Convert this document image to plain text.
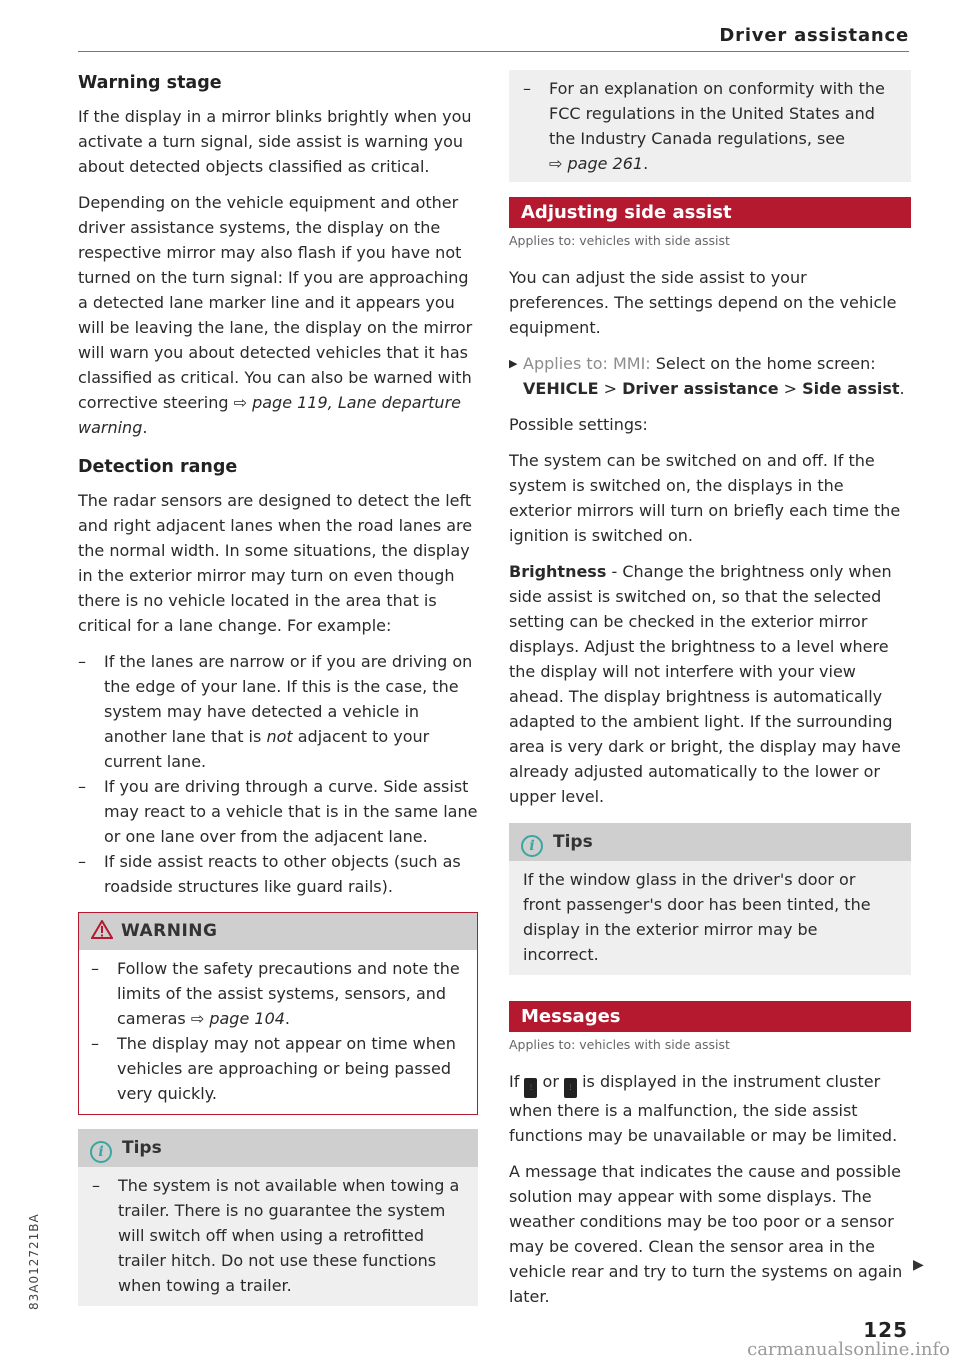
Driver assistance
Warning stage

If the display in a mirror blinks brightly when you activate a turn signal, side assist is warning you about detected objects classified as critical.

Depending on the vehicle equipment and other driver assistance systems, the display on the respective mirror may also flash if you have not turned on the turn signal: If you are approaching a detected lane marker line and it appears you will be leaving the lane, the display on the mirror will warn you about detected vehicles that it has classified as critical. You can also be warned with corrective steering ⇨ page 119, Lane departure warning.

Detection range

The radar sensors are designed to detect the left and right adjacent lanes when the road lanes are the normal width. In some situations, the display in the exterior mirror may turn on even though there is no vehicle located in the area that is critical for a lane change. For example:

– If the lanes are narrow or if you are driving on the edge of your lane. If this is the case, the system may have detected a vehicle in another lane that is not adjacent to your current lane.
– If you are driving through a curve. Side assist may react to a vehicle that is in the same lane or one lane over from the adjacent lane.
– If side assist reacts to other objects (such as roadside structures like guard rails).
WARNING
– Follow the safety precautions and note the limits of the assist systems, sensors, and cameras ⇨ page 104.
– The display may not appear on time when vehicles are approaching or being passed very quickly.
i Tips
– The system is not available when towing a trailer. There is no guarantee the system will switch off when using a retrofitted trailer hitch. Do not use these functions when towing a trailer.
– For an explanation on conformity with the FCC regulations in the United States and the Industry Canada regulations, see
⇨ page 261.
Adjusting side assist
Applies to: vehicles with side assist

You can adjust the side assist to your preferences. The settings depend on the vehicle equipment.

▶ Applies to: MMI: Select on the home screen:
VEHICLE > Driver assistance > Side assist.

Possible settings:

The system can be switched on and off. If the system is switched on, the displays in the exterior mirrors will turn on briefly each time the ignition is switched on.

Brightness - Change the brightness only when side assist is switched on, so that the selected setting can be checked in the exterior mirror displays. Adjust the brightness to a level where the display will not interfere with your view ahead. The display brightness is automatically adapted to the ambient light. If the surrounding area is very dark or bright, the display may have already adjusted automatically to the lower or upper level.

i Tips

If the window glass in the driver's door or front passenger's door has been tinted, the display in the exterior mirror may be incorrect.

Messages
Applies to: vehicles with side assist

If ⫶ or ⫶ is displayed in the instrument cluster when there is a malfunction, the side assist functions may be unavailable or may be limited.

A message that indicates the cause and possible solution may appear with some displays. The weather conditions may be too poor or a sensor may be covered. Clean the sensor area in the vehicle rear and try to turn the systems on again later.

▶
83A012721BA
125
carmanualsonline.info
